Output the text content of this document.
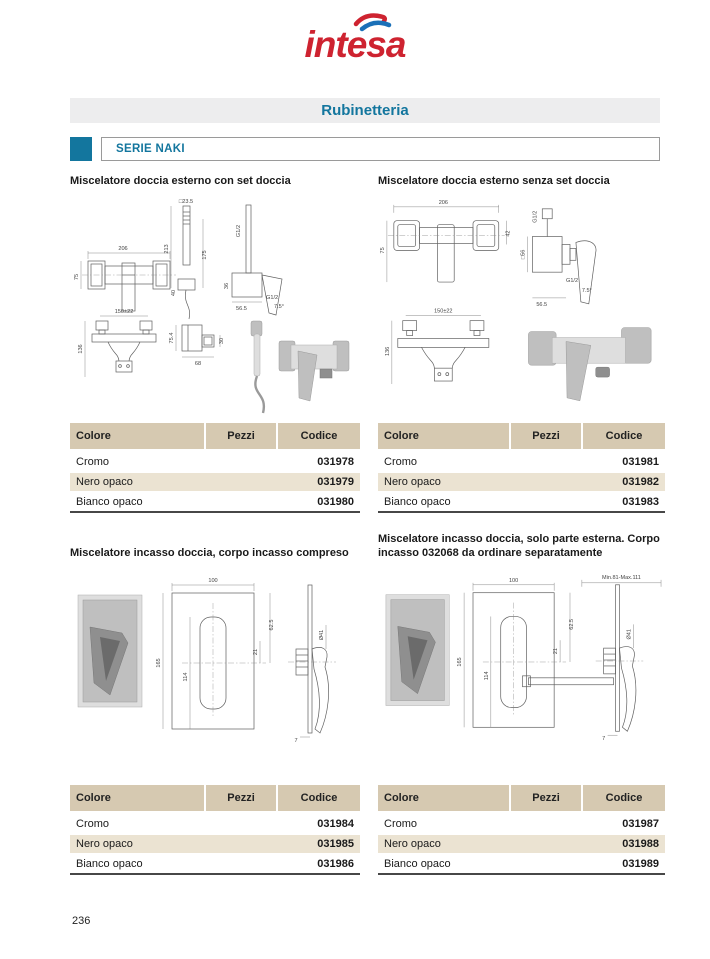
intesa
Rubinetteria
SERIE NAKI
Miscelatore doccia esterno con set doccia
206
75
□23.5
213
175
40
G1/2
36
G1/2
7.5°
56.5
150±22
136
75.4	30
68
Colore	Pezzi	Codice
Cromo		031978
Nero opaco		031979
Bianco opaco		031980
Miscelatore doccia esterno senza set doccia
206
42
75
G1/2
□56
G1/2
7.5°
56.5
150±22
136
Colore	Pezzi	Codice
Cromo		031981
Nero opaco		031982
Bianco opaco		031983
Miscelatore incasso doccia, corpo incasso compreso
100
165
62.5
21
114
Ø41
7
Colore	Pezzi	Codice
Cromo		031984
Nero opaco		031985
Bianco opaco		031986
Miscelatore incasso doccia, solo parte esterna. Corpo incasso 032068 da ordinare separatamente
100
165
62.5
21
114
Min.81-Max.111
Ø41
7
Colore	Pezzi	Codice
Cromo		031987
Nero opaco		031988
Bianco opaco		031989
236
